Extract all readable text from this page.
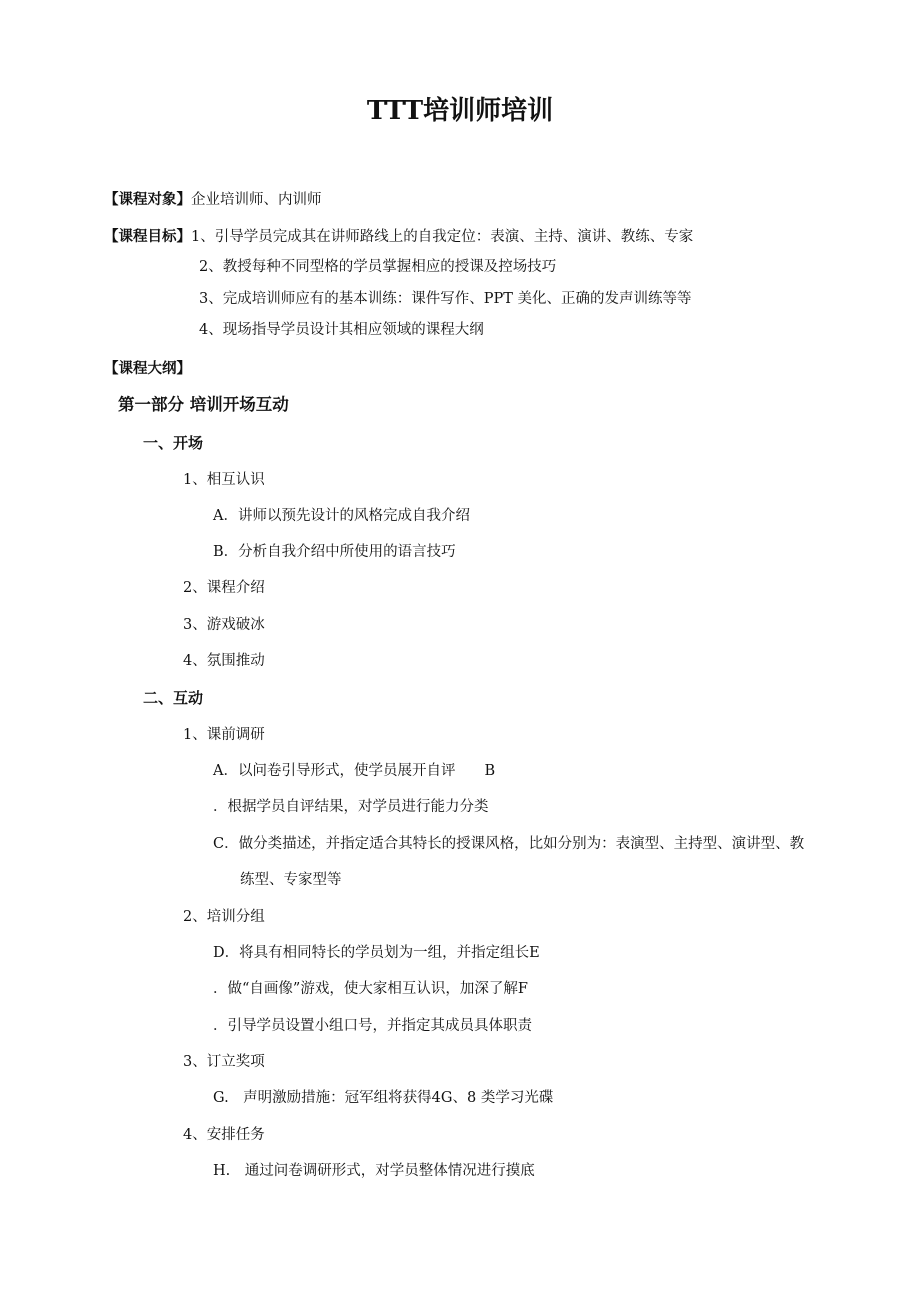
TTT培训师培训
【课程对象】企业培训师、内训师
【课程目标】1、引导学员完成其在讲师路线上的自我定位：表演、主持、演讲、教练、专家
2、教授每种不同型格的学员掌握相应的授课及控场技巧
3、完成培训师应有的基本训练：课件写作、PPT 美化、正确的发声训练等等
4、现场指导学员设计其相应领域的课程大纲
【课程大纲】
第一部分 培训开场互动
一、开场
1、相互认识
A．讲师以预先设计的风格完成自我介绍
B．分析自我介绍中所使用的语言技巧
2、课程介绍
3、游戏破冰
4、氛围推动
二、互动
1、课前调研
A．以问卷引导形式，使学员展开自评　　B
．根据学员自评结果，对学员进行能力分类
C．做分类描述，并指定适合其特长的授课风格，比如分别为：表演型、主持型、演讲型、教
练型、专家型等
2、培训分组
D．将具有相同特长的学员划为一组，并指定组长E
．做“自画像”游戏，使大家相互认识，加深了解F
．引导学员设置小组口号，并指定其成员具体职责
3、订立奖项
G.　声明激励措施：冠军组将获得4G、8 类学习光碟
4、安排任务
H.　通过问卷调研形式，对学员整体情况进行摸底
